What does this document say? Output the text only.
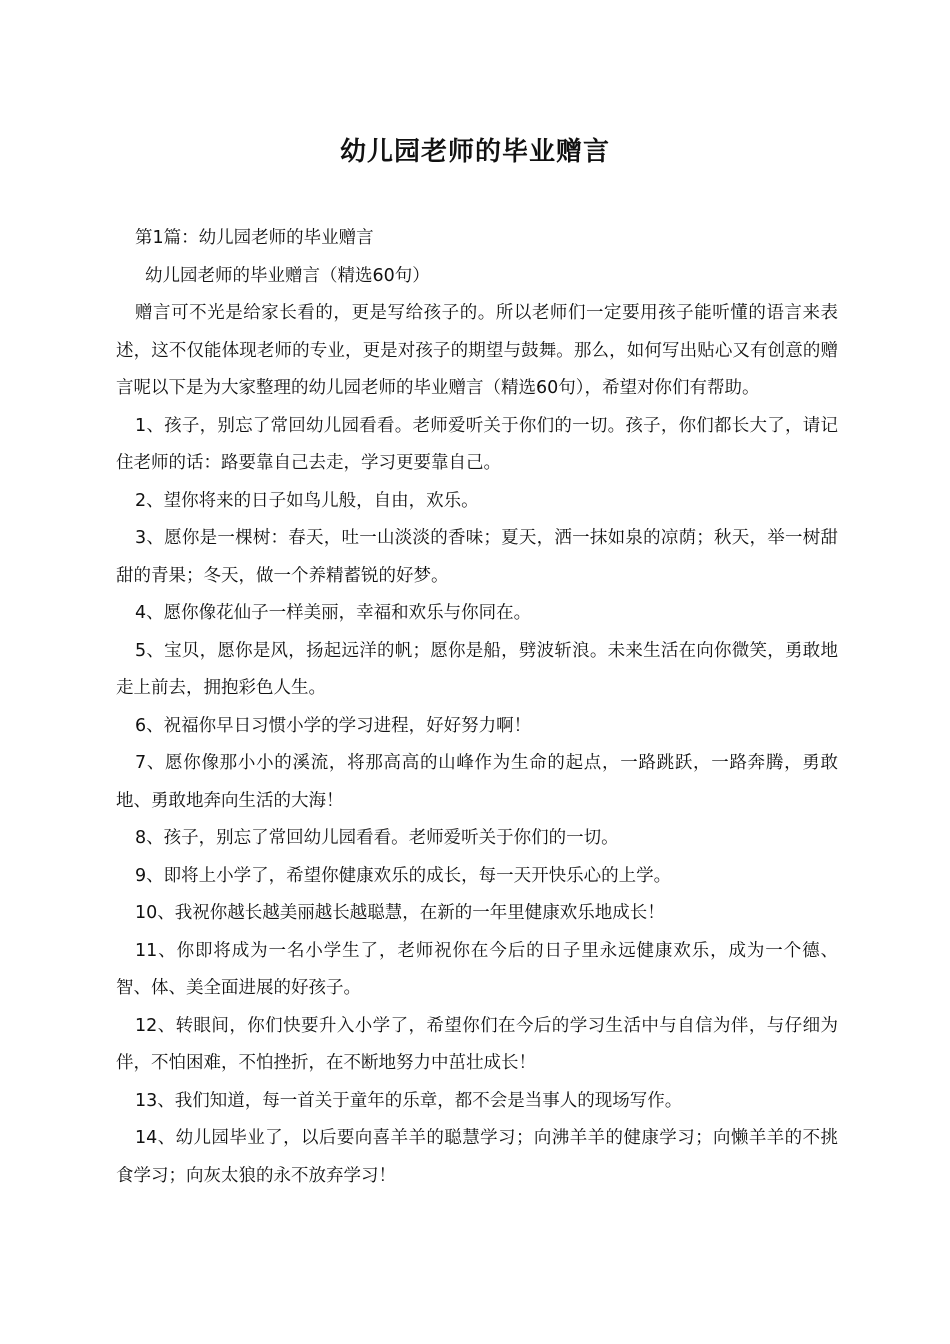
幼儿园老师的毕业赠言

第1篇：幼儿园老师的毕业赠言

幼儿园老师的毕业赠言（精选60句）

赠言可不光是给家长看的，更是写给孩子的。所以老师们一定要用孩子能听懂的语言来表述，这不仅能体现老师的专业，更是对孩子的期望与鼓舞。那么，如何写出贴心又有创意的赠言呢以下是为大家整理的幼儿园老师的毕业赠言（精选60句），希望对你们有帮助。

1、孩子，别忘了常回幼儿园看看。老师爱听关于你们的一切。孩子，你们都长大了，请记住老师的话：路要靠自己去走，学习更要靠自己。

2、望你将来的日子如鸟儿般，自由，欢乐。

3、愿你是一棵树：春天，吐一山淡淡的香味；夏天，洒一抹如泉的凉荫；秋天，举一树甜甜的青果；冬天，做一个养精蓄锐的好梦。

4、愿你像花仙子一样美丽，幸福和欢乐与你同在。

5、宝贝，愿你是风，扬起远洋的帆；愿你是船，劈波斩浪。未来生活在向你微笑，勇敢地走上前去，拥抱彩色人生。

6、祝福你早日习惯小学的学习进程，好好努力啊！

7、愿你像那小小的溪流，将那高高的山峰作为生命的起点，一路跳跃，一路奔腾，勇敢地、勇敢地奔向生活的大海！

8、孩子，别忘了常回幼儿园看看。老师爱听关于你们的一切。

9、即将上小学了，希望你健康欢乐的成长，每一天开快乐心的上学。

10、我祝你越长越美丽越长越聪慧，在新的一年里健康欢乐地成长！

11、你即将成为一名小学生了，老师祝你在今后的日子里永远健康欢乐，成为一个德、智、体、美全面进展的好孩子。

12、转眼间，你们快要升入小学了，希望你们在今后的学习生活中与自信为伴，与仔细为伴，不怕困难，不怕挫折，在不断地努力中茁壮成长！

13、我们知道，每一首关于童年的乐章，都不会是当事人的现场写作。

14、幼儿园毕业了，以后要向喜羊羊的聪慧学习；向沸羊羊的健康学习；向懒羊羊的不挑食学习；向灰太狼的永不放弃学习！
